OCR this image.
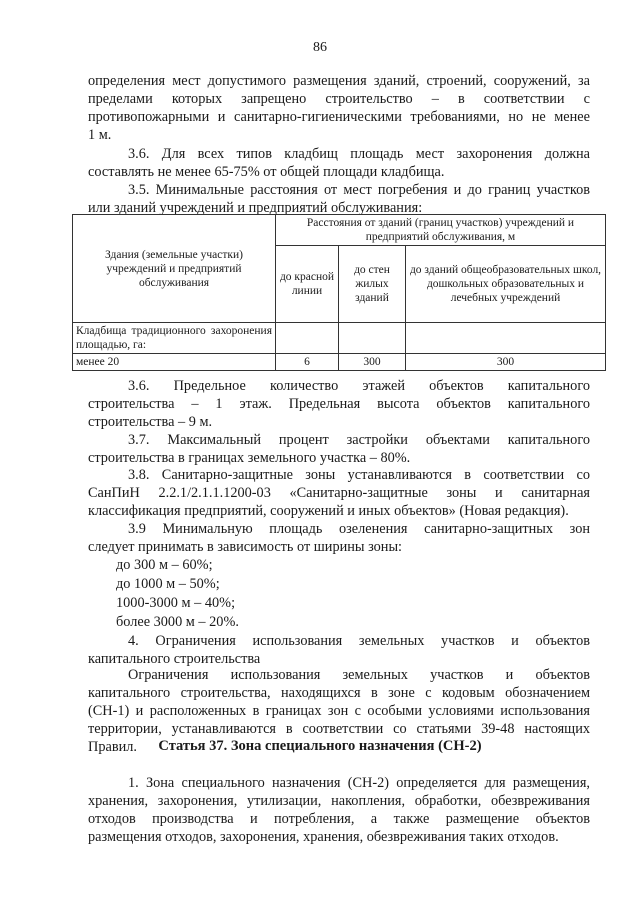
86
определения мест допустимого размещения зданий, строений, сооружений, за
пределами которых запрещено строительство – в соответствии с
противопожарными и санитарно-гигиеническими требованиями, но не менее
1 м.
3.6. Для всех типов кладбищ площадь мест захоронения должна
составлять не менее 65-75% от общей площади кладбища.
3.5. Минимальные расстояния от мест погребения и до границ участков
или зданий учреждений и предприятий обслуживания:
Здания (земельные участки) учреждений и предприятий обслуживания	Расстояния от зданий (границ участков) учреждений и предприятий обслуживания, м		
	до красной линии	до стен жилых зданий	до зданий общеобразовательных школ, дошкольных образовательных и лечебных учреждений
Кладбища традиционного захоронения площадью, га:			
менее 20	6	300	300
3.6. Предельное количество этажей объектов капитального
строительства – 1 этаж. Предельная высота объектов капитального
строительства – 9 м.
3.7. Максимальный процент застройки объектами капитального
строительства в границах земельного участка – 80%.
3.8. Санитарно-защитные зоны устанавливаются в соответствии со
СанПиН 2.2.1/2.1.1.1200-03 «Санитарно-защитные зоны и санитарная
классификация предприятий, сооружений и иных объектов» (Новая редакция).
3.9 Минимальную площадь озеленения санитарно-защитных зон
следует принимать в зависимость от ширины зоны:
до 300 м – 60%;
до 1000 м – 50%;
1000-3000 м – 40%;
более 3000 м – 20%.
4. Ограничения использования земельных участков и объектов
капитального строительства
Ограничения использования земельных участков и объектов
капитального строительства, находящихся в зоне с кодовым обозначением
(СН-1) и расположенных в границах зон с особыми условиями использования
территории, устанавливаются в соответствии со статьями 39-48 настоящих
Правил.	Статья 37. Зона специального назначения (СН-2)
1. Зона специального назначения (СН-2) определяется для размещения,
хранения, захоронения, утилизации, накопления, обработки, обезвреживания
отходов производства и потребления, а также размещение объектов
размещения отходов, захоронения, хранения, обезвреживания таких отходов.
